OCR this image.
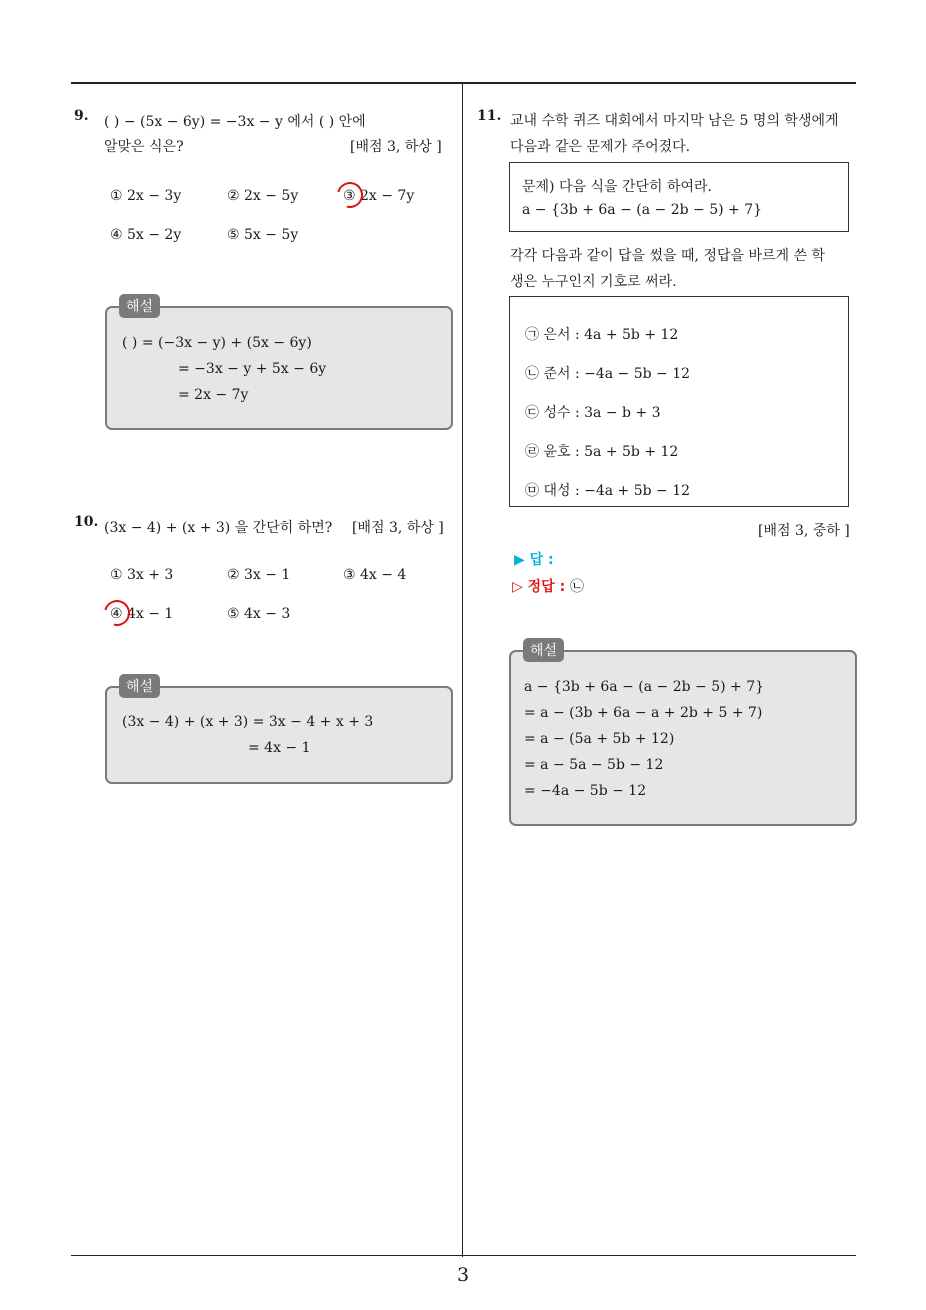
3
9. ( ) − (5x − 6y) = −3x − y 에서 ( ) 안에
알맞은 식은?	[배점 3, 하상 ]
① 2x − 3y	② 2x − 5y	③ 2x − 7y
④ 5x − 2y	⑤ 5x − 5y
해설
( ) = (−3x − y) + (5x − 6y)
= −3x − y + 5x − 6y
= 2x − 7y
10. (3x − 4) + (x + 3) 을 간단히 하면? [배점 3, 하상 ]
① 3x + 3	② 3x − 1	③ 4x − 4
④ 4x − 1	⑤ 4x − 3
해설
(3x − 4) + (x + 3) = 3x − 4 + x + 3
= 4x − 1
11. 교내 수학 퀴즈 대회에서 마지막 남은 5 명의 학생에게
다음과 같은 문제가 주어졌다.
문제) 다음 식을 간단히 하여라.
a − {3b + 6a − (a − 2b − 5) + 7}
각각 다음과 같이 답을 썼을 때, 정답을 바르게 쓴 학
생은 누구인지 기호로 써라.
㉠ 은서 : 4a + 5b + 12
㉡ 준서 : −4a − 5b − 12
㉢ 성수 : 3a − b + 3
㉣ 윤호 : 5a + 5b + 12
㉤ 대성 : −4a + 5b − 12
[배점 3, 중하 ]
▶ 답 :
▷ 정답 : ㉡
해설
a − {3b + 6a − (a − 2b − 5) + 7}
= a − (3b + 6a − a + 2b + 5 + 7)
= a − (5a + 5b + 12)
= a − 5a − 5b − 12
= −4a − 5b − 12
